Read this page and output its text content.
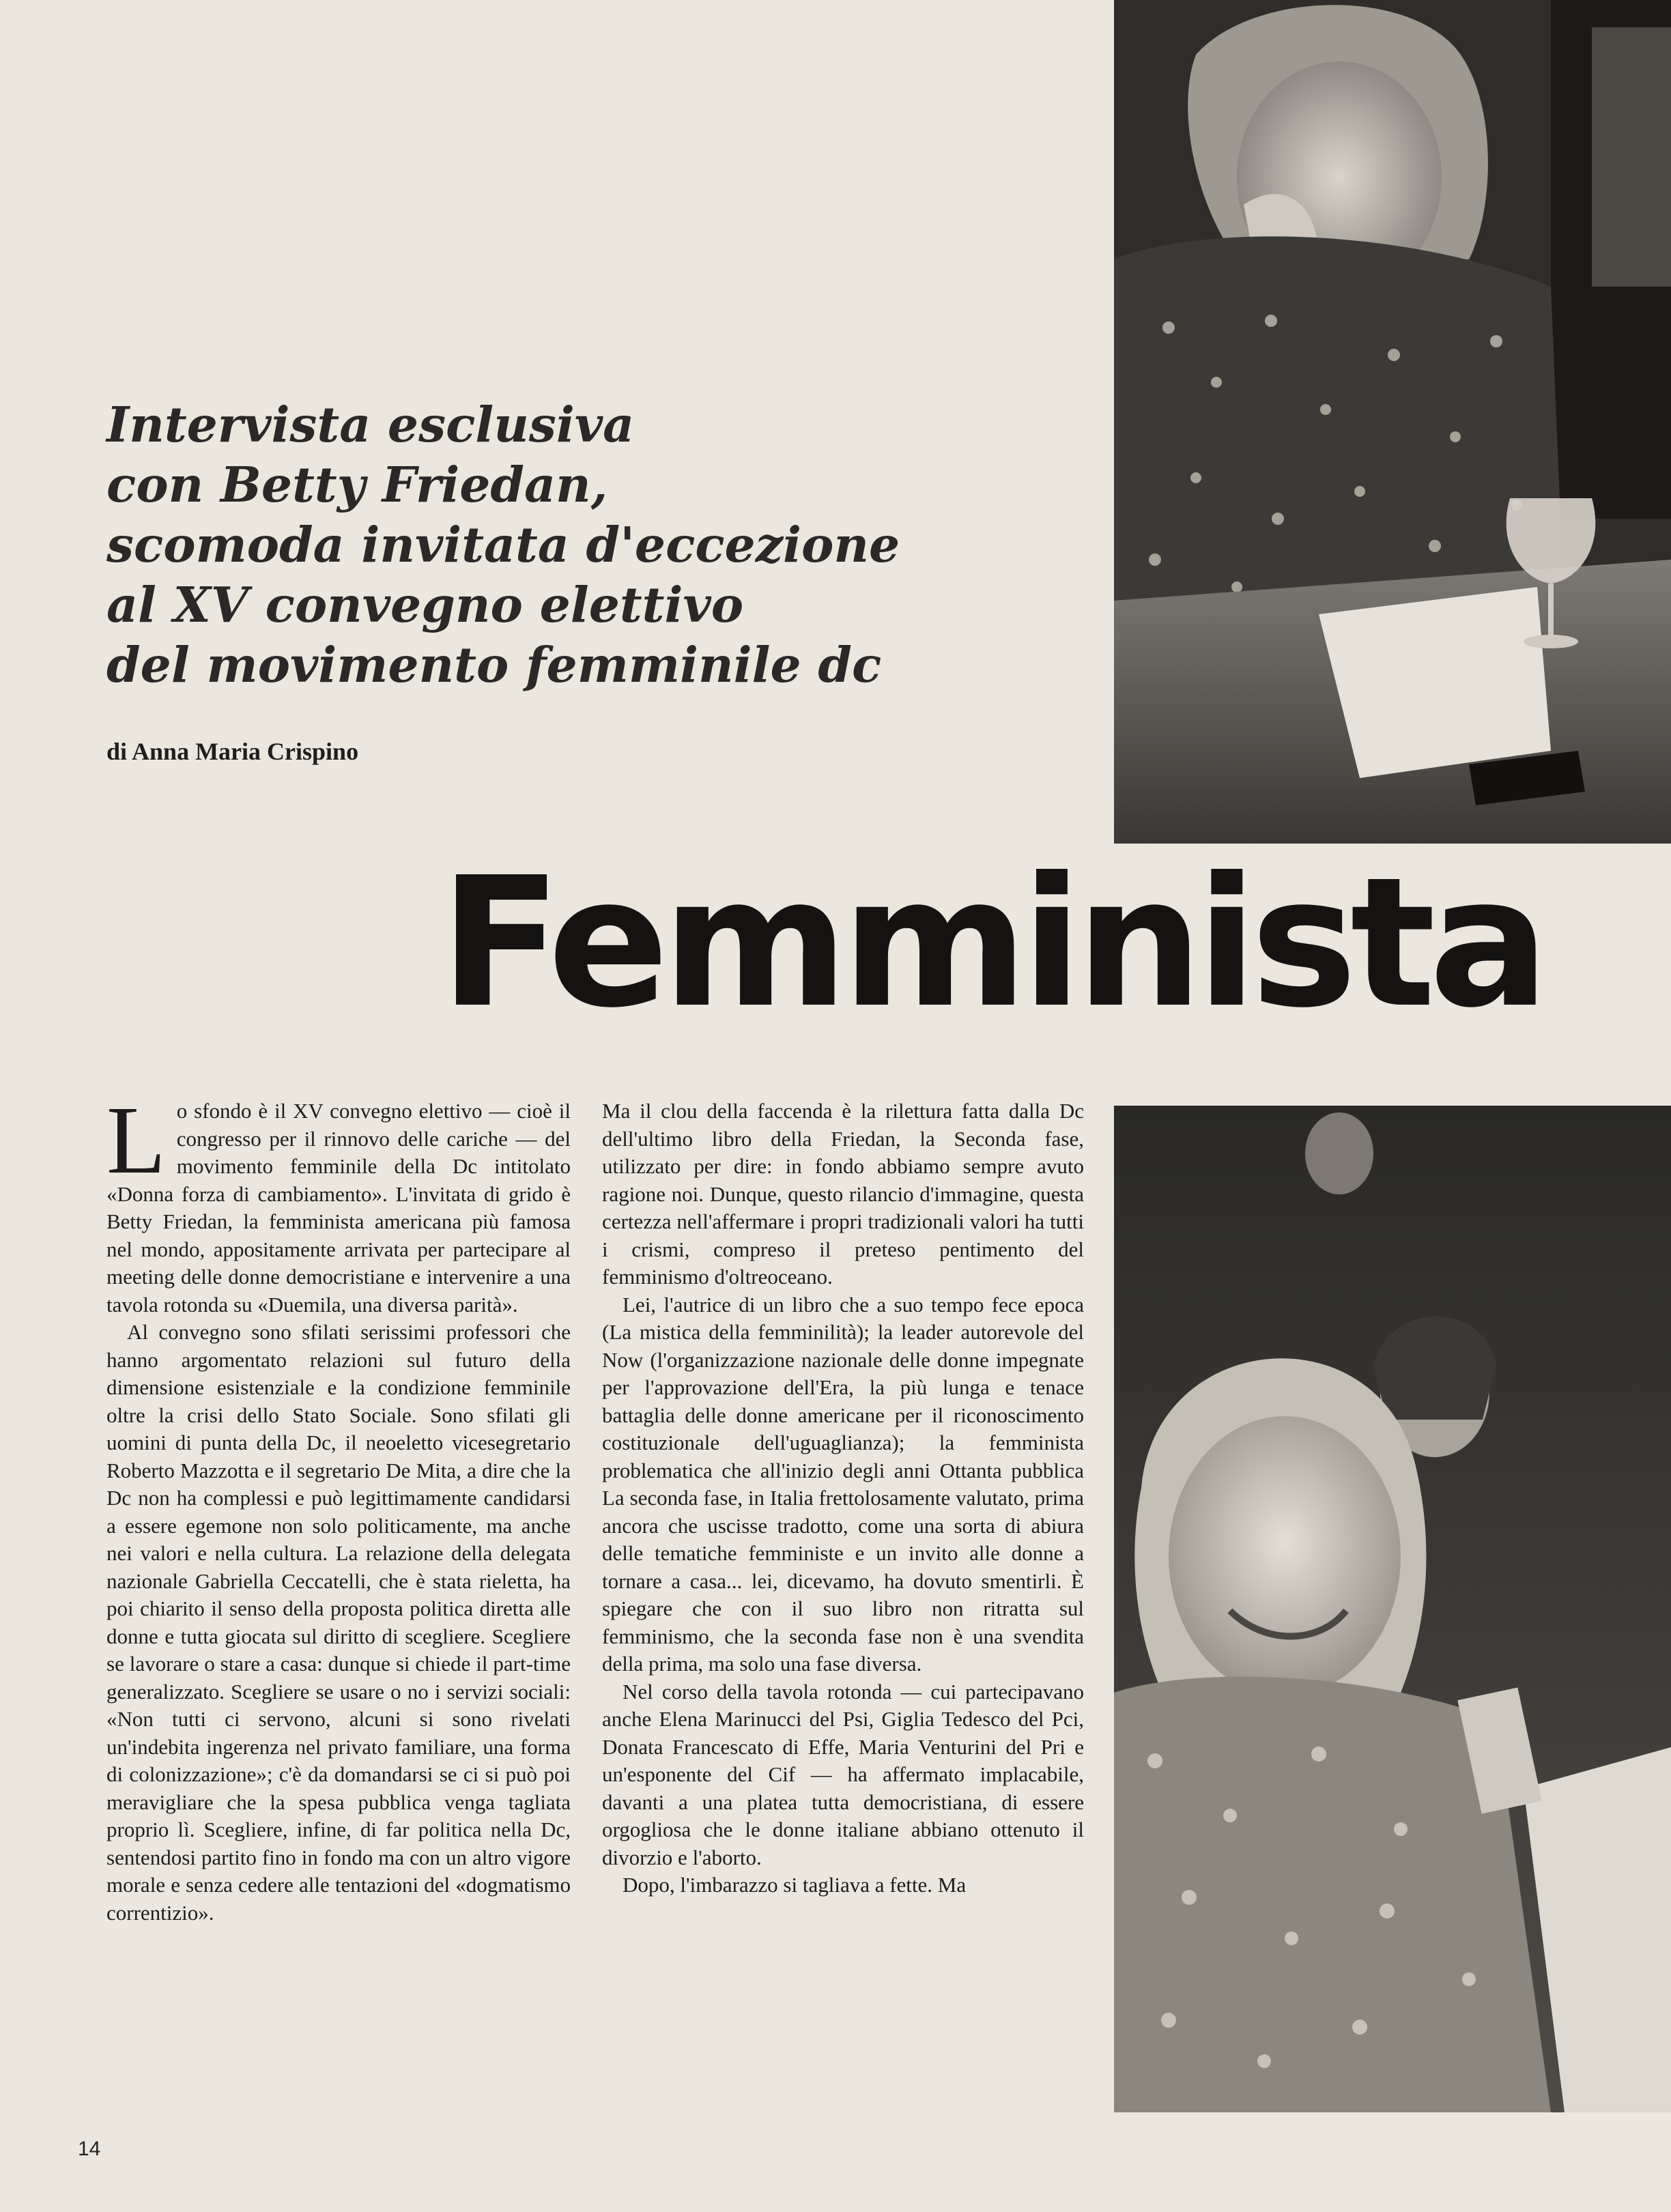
Intervista esclusiva
con Betty Friedan,
scomoda invitata d'eccezione
al XV convegno elettivo
del movimento femminile dc

di Anna Maria Crispino

Femminista
L o sfondo è il XV convegno elettivo — cioè il congresso per il rinnovo delle cariche — del movimento femminile della Dc intitolato «Donna forza di cambiamento». L'invitata di grido è Betty Friedan, la femminista americana più famosa nel mondo, appositamente arrivata per partecipare al meeting delle donne democristiane e intervenire a una tavola rotonda su «Duemila, una diversa parità».

Al convegno sono sfilati serissimi professori che hanno argomentato relazioni sul futuro della dimensione esistenziale e la condizione femminile oltre la crisi dello Stato Sociale. Sono sfilati gli uomini di punta della Dc, il neoeletto vicesegretario Roberto Mazzotta e il segretario De Mita, a dire che la Dc non ha complessi e può legittimamente candidarsi a essere egemone non solo politicamente, ma anche nei valori e nella cultura. La relazione della delegata nazionale Gabriella Ceccatelli, che è stata rieletta, ha poi chiarito il senso della proposta politica diretta alle donne e tutta giocata sul diritto di scegliere. Scegliere se lavorare o stare a casa: dunque si chiede il part-time generalizzato. Scegliere se usare o no i servizi sociali: «Non tutti ci servono, alcuni si sono rivelati un'indebita ingerenza nel privato familiare, una forma di colonizzazione»; c'è da domandarsi se ci si può poi meravigliare che la spesa pubblica venga tagliata proprio lì. Scegliere, infine, di far politica nella Dc, sentendosi partito fino in fondo ma con un altro vigore morale e senza cedere alle tentazioni del «dogmatismo correntizio».

Ma il clou della faccenda è la rilettura fatta dalla Dc dell'ultimo libro della Friedan, la Seconda fase, utilizzato per dire: in fondo abbiamo sempre avuto ragione noi. Dunque, questo rilancio d'immagine, questa certezza nell'affermare i propri tradizionali valori ha tutti i crismi, compreso il preteso pentimento del femminismo d'oltreoceano.

Lei, l'autrice di un libro che a suo tempo fece epoca (La mistica della femminilità); la leader autorevole del Now (l'organizzazione nazionale delle donne impegnate per l'approvazione dell'Era, la più lunga e tenace battaglia delle donne americane per il riconoscimento costituzionale dell'uguaglianza); la femminista problematica che all'inizio degli anni Ottanta pubblica La seconda fase, in Italia frettolosamente valutato, prima ancora che uscisse tradotto, come una sorta di abiura delle tematiche femministe e un invito alle donne a tornare a casa... lei, dicevamo, ha dovuto smentirli. È spiegare che con il suo libro non ritratta sul femminismo, che la seconda fase non è una svendita della prima, ma solo una fase diversa.

Nel corso della tavola rotonda — cui partecipavano anche Elena Marinucci del Psi, Giglia Tedesco del Pci, Donata Francescato di Effe, Maria Venturini del Pri e un'esponente del Cif — ha affermato implacabile, davanti a una platea tutta democristiana, di essere orgogliosa che le donne italiane abbiano ottenuto il divorzio e l'aborto.

Dopo, l'imbarazzo si tagliava a fette. Ma

14
